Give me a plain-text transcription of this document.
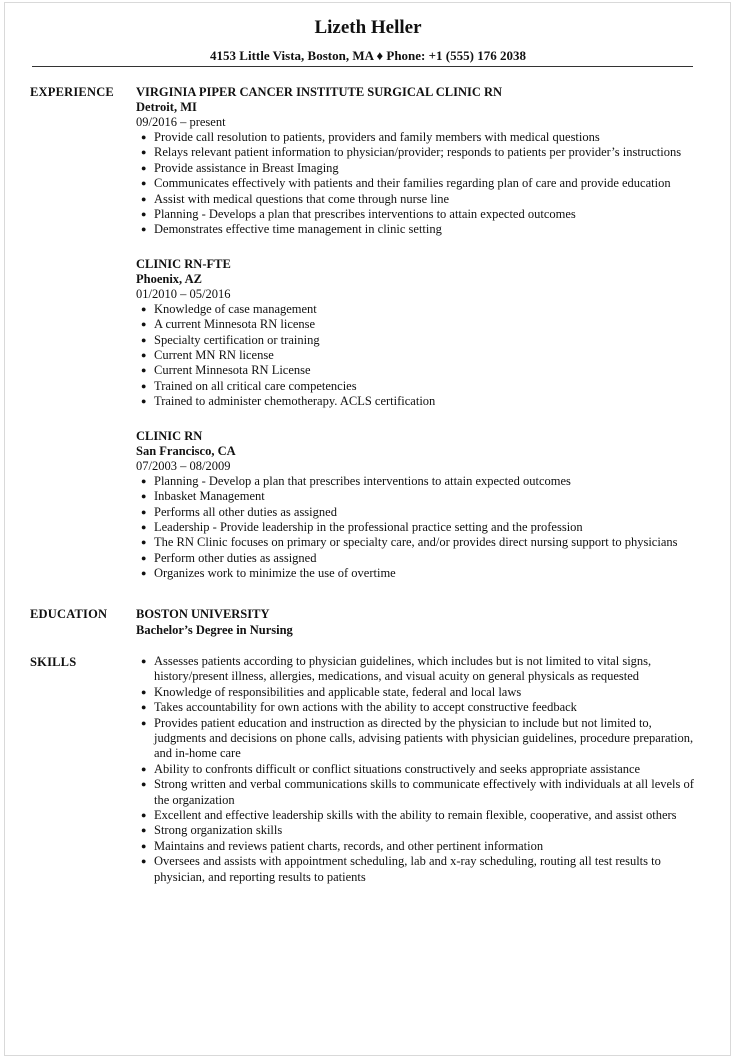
Lizeth Heller
4153 Little Vista, Boston, MA ♦ Phone: +1 (555) 176 2038
EXPERIENCE VIRGINIA PIPER CANCER INSTITUTE SURGICAL CLINIC RN
Detroit, MI
09/2016 – present
● Provide call resolution to patients, providers and family members with medical questions
● Relays relevant patient information to physician/provider; responds to patients per provider’s instructions
● Provide assistance in Breast Imaging
● Communicates effectively with patients and their families regarding plan of care and provide education
● Assist with medical questions that come through nurse line
● Planning - Develops a plan that prescribes interventions to attain expected outcomes
● Demonstrates effective time management in clinic setting
CLINIC RN-FTE
Phoenix, AZ
01/2010 – 05/2016
● Knowledge of case management
● A current Minnesota RN license
● Specialty certification or training
● Current MN RN license
● Current Minnesota RN License
● Trained on all critical care competencies
● Trained to administer chemotherapy. ACLS certification
CLINIC RN
San Francisco, CA
07/2003 – 08/2009
● Planning - Develop a plan that prescribes interventions to attain expected outcomes
● Inbasket Management
● Performs all other duties as assigned
● Leadership - Provide leadership in the professional practice setting and the profession
● The RN Clinic focuses on primary or specialty care, and/or provides direct nursing support to physicians
● Perform other duties as assigned
● Organizes work to minimize the use of overtime
EDUCATION BOSTON UNIVERSITY
Bachelor’s Degree in Nursing
SKILLS	● Assesses patients according to physician guidelines, which includes but is not limited to vital signs, history/present illness, allergies, medications, and visual acuity on general physicals as requested
● Knowledge of responsibilities and applicable state, federal and local laws
● Takes accountability for own actions with the ability to accept constructive feedback
● Provides patient education and instruction as directed by the physician to include but not limited to, judgments and decisions on phone calls, advising patients with physician guidelines, procedure preparation, and in-home care
● Ability to confronts difficult or conflict situations constructively and seeks appropriate assistance
● Strong written and verbal communications skills to communicate effectively with individuals at all levels of the organization
● Excellent and effective leadership skills with the ability to remain flexible, cooperative, and assist others
● Strong organization skills
● Maintains and reviews patient charts, records, and other pertinent information
● Oversees and assists with appointment scheduling, lab and x-ray scheduling, routing all test results to physician, and reporting results to patients
